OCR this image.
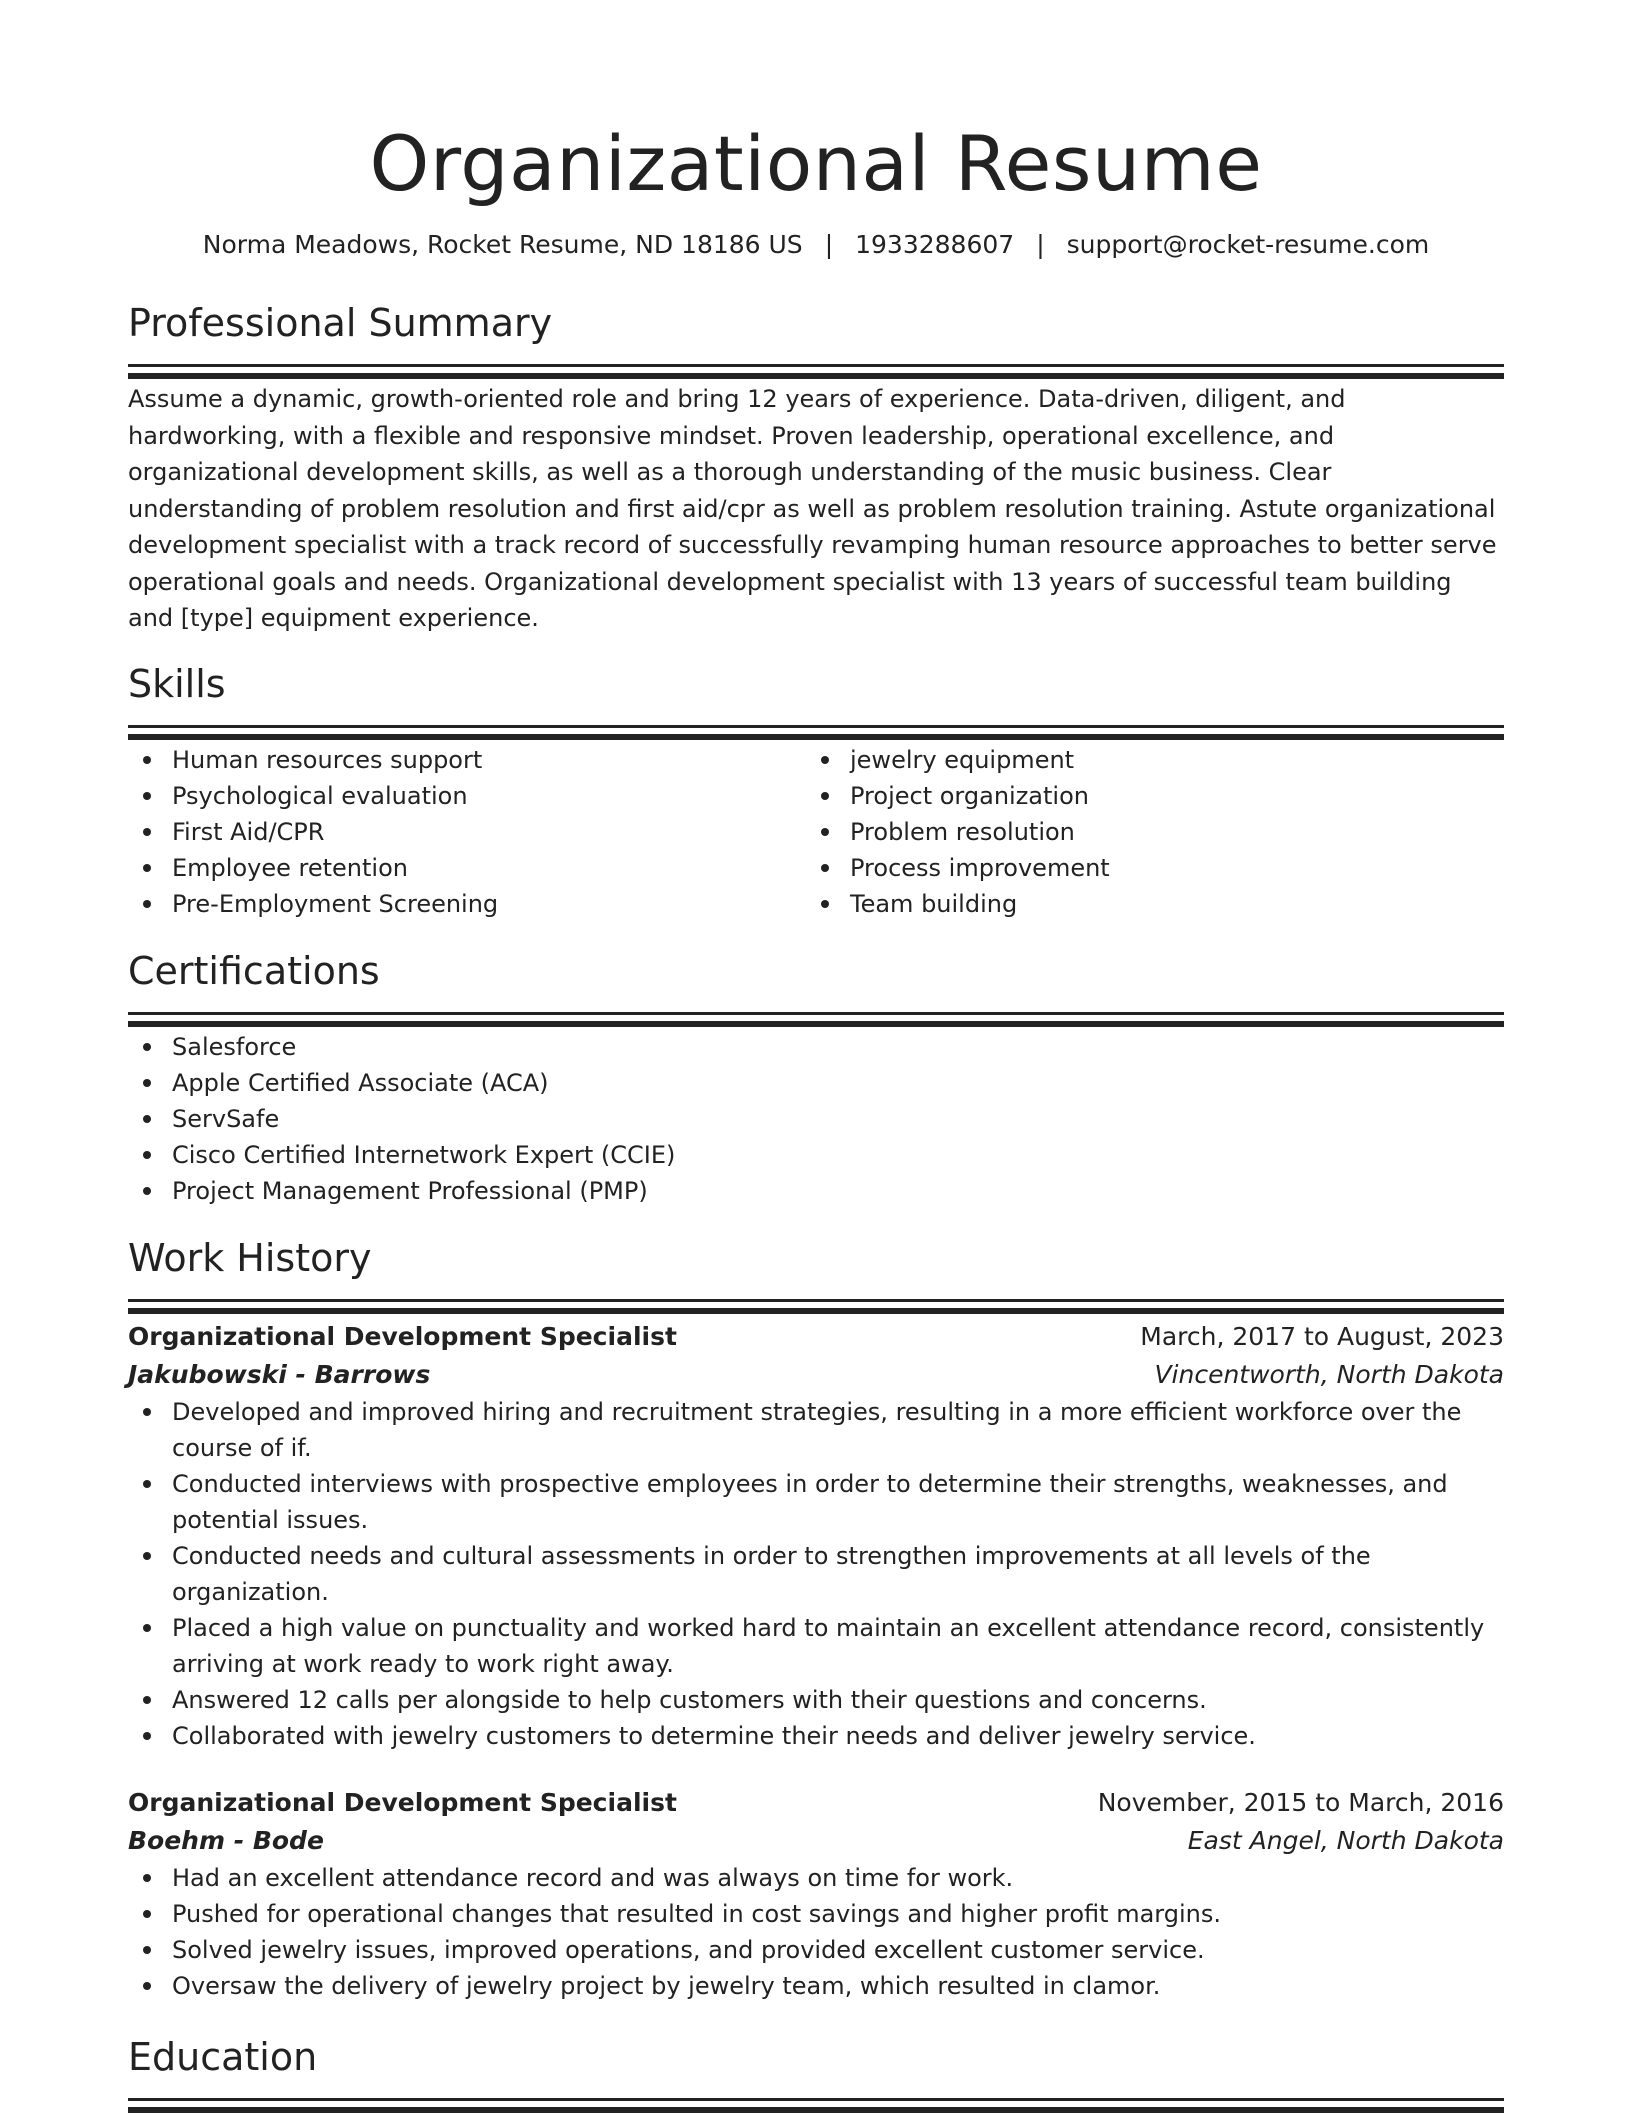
Organizational Resume
Norma Meadows, Rocket Resume, ND 18186 US | 1933288607 | support@rocket-resume.com
Professional Summary

Assume a dynamic, growth-oriented role and bring 12 years of experience. Data-driven, diligent, and hardworking, with a flexible and responsive mindset. Proven leadership, operational excellence, and organizational development skills, as well as a thorough understanding of the music business. Clear understanding of problem resolution and first aid/cpr as well as problem resolution training. Astute organizational development specialist with a track record of successfully revamping human resource approaches to better serve operational goals and needs. Organizational development specialist with 13 years of successful team building and [type] equipment experience.

Skills
Human resources support
Psychological evaluation
First Aid/CPR
Employee retention
Pre-Employment Screening
jewelry equipment
Project organization
Problem resolution
Process improvement
Team building
Certifications
Salesforce
Apple Certified Associate (ACA)
ServSafe
Cisco Certified Internetwork Expert (CCIE)
Project Management Professional (PMP)
Work History
Organizational Development Specialist	March, 2017 to August, 2023
Jakubowski - Barrows	Vincentworth, North Dakota
Developed and improved hiring and recruitment strategies, resulting in a more efficient workforce over the course of if.
Conducted interviews with prospective employees in order to determine their strengths, weaknesses, and potential issues.
Conducted needs and cultural assessments in order to strengthen improvements at all levels of the organization.
Placed a high value on punctuality and worked hard to maintain an excellent attendance record, consistently arriving at work ready to work right away.
Answered 12 calls per alongside to help customers with their questions and concerns.
Collaborated with jewelry customers to determine their needs and deliver jewelry service.
Organizational Development Specialist	November, 2015 to March, 2016
Boehm - Bode	East Angel, North Dakota
Had an excellent attendance record and was always on time for work.
Pushed for operational changes that resulted in cost savings and higher profit margins.
Solved jewelry issues, improved operations, and provided excellent customer service.
Oversaw the delivery of jewelry project by jewelry team, which resulted in clamor.
Education
